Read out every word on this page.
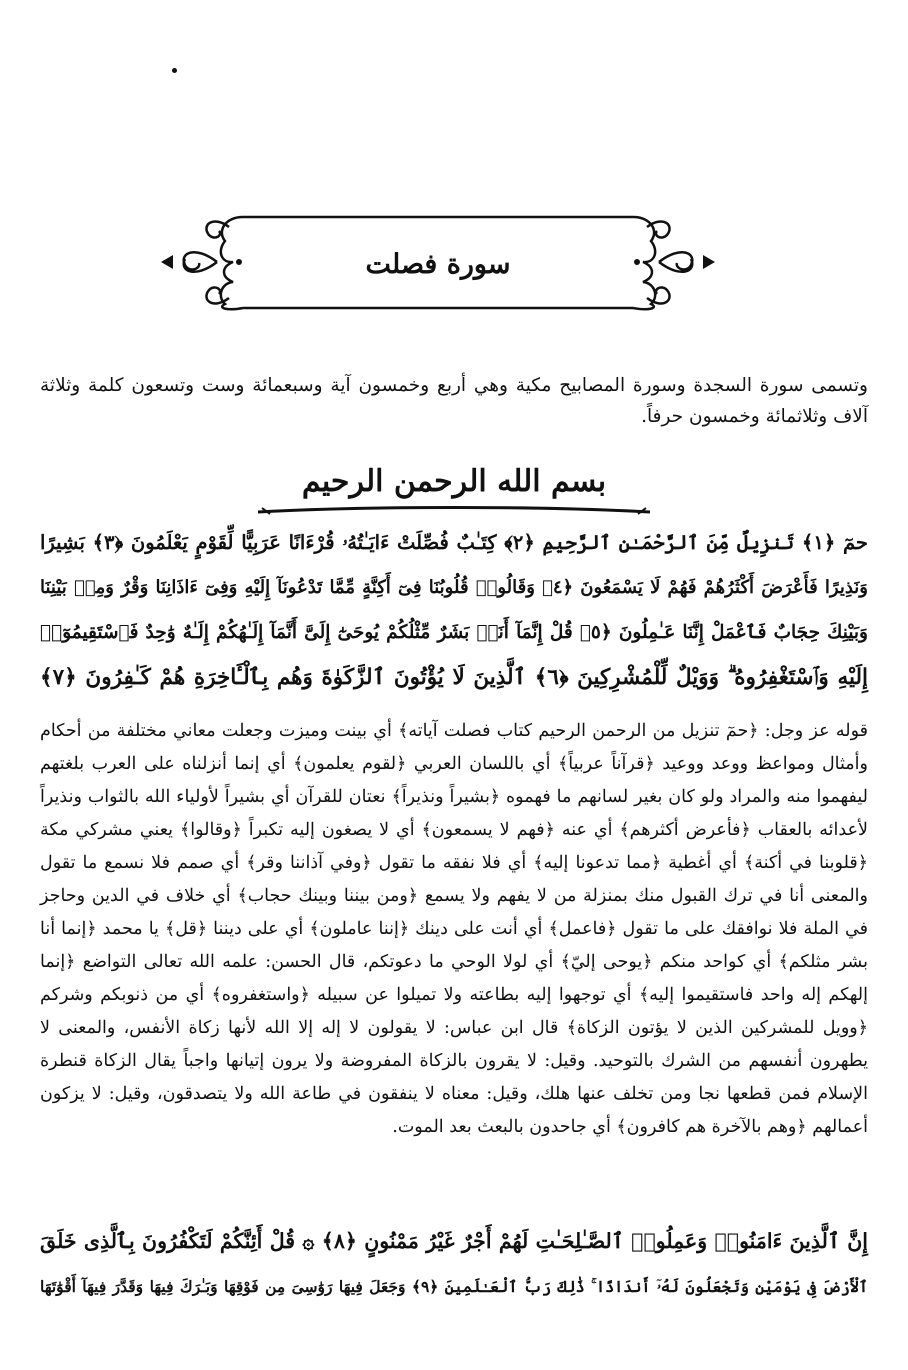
سورة فصلت

وتسمى سورة السجدة وسورة المصابيح مكية وهي أربع وخمسون آية وسبعمائة وست وتسعون كلمة وثلاثة آلاف وثلاثمائة وخمسون حرفاً.

بسم الله الرحمن الرحيم
حمٓ ﴿١﴾ تَنزِيلٌ مِّنَ ٱلرَّحْمَـٰنِ ٱلرَّحِيمِ ﴿٢﴾ كِتَـٰبٌ فُصِّلَتْ ءَايَـٰتُهُۥ قُرْءَانًا عَرَبِيًّا لِّقَوْمٍ يَعْلَمُونَ ﴿٣﴾ بَشِيرًا
وَنَذِيرًا فَأَعْرَضَ أَكْثَرُهُمْ فَهُمْ لَا يَسْمَعُونَ ﴿٤﴾ وَقَالُوا۟ قُلُوبُنَا فِىٓ أَكِنَّةٍ مِّمَّا تَدْعُونَآ إِلَيْهِ وَفِىٓ ءَاذَانِنَا وَقْرٌ وَمِنۢ بَيْنِنَا
وَبَيْنِكَ حِجَابٌ فَٱعْمَلْ إِنَّنَا عَـٰمِلُونَ ﴿٥﴾ قُلْ إِنَّمَآ أَنَا۠ بَشَرٌ مِّثْلُكُمْ يُوحَىٰٓ إِلَىَّ أَنَّمَآ إِلَـٰهُكُمْ إِلَـٰهٌ وَٰحِدٌ فَٱسْتَقِيمُوٓا۟
إِلَيْهِ وَٱسْتَغْفِرُوهُ ۗ وَوَيْلٌ لِّلْمُشْرِكِينَ ﴿٦﴾ ٱلَّذِينَ لَا يُؤْتُونَ ٱلزَّكَوٰةَ وَهُم بِٱلْـَٔاخِرَةِ هُمْ كَـٰفِرُونَ ﴿٧﴾

قوله عز وجل: ﴿حمٓ تنزيل من الرحمن الرحيم كتاب فصلت آياته﴾ أي بينت وميزت وجعلت معاني مختلفة من أحكام وأمثال ومواعظ ووعد ووعيد ﴿قرآناً عربياً﴾ أي باللسان العربي ﴿لقوم يعلمون﴾ أي إنما أنزلناه على العرب بلغتهم ليفهموا منه والمراد ولو كان بغير لسانهم ما فهموه ﴿بشيراً ونذيراً﴾ نعتان للقرآن أي بشيراً لأولياء الله بالثواب ونذيراً لأعدائه بالعقاب ﴿فأعرض أكثرهم﴾ أي عنه ﴿فهم لا يسمعون﴾ أي لا يصغون إليه تكبراً ﴿وقالوا﴾ يعني مشركي مكة ﴿قلوبنا في أكنة﴾ أي أغطية ﴿مما تدعونا إليه﴾ أي فلا نفقه ما تقول ﴿وفي آذاننا وقر﴾ أي صمم فلا نسمع ما تقول والمعنى أنا في ترك القبول منك بمنزلة من لا يفهم ولا يسمع ﴿ومن بيننا وبينك حجاب﴾ أي خلاف في الدين وحاجز في الملة فلا نوافقك على ما تقول ﴿فاعمل﴾ أي أنت على دينك ﴿إننا عاملون﴾ أي على ديننا ﴿قل﴾ يا محمد ﴿إنما أنا بشر مثلكم﴾ أي كواحد منكم ﴿يوحى إليّ﴾ أي لولا الوحي ما دعوتكم، قال الحسن: علمه الله تعالى التواضع ﴿إنما إلهكم إله واحد فاستقيموا إليه﴾ أي توجهوا إليه بطاعته ولا تميلوا عن سبيله ﴿واستغفروه﴾ أي من ذنوبكم وشركم ﴿وويل للمشركين الذين لا يؤتون الزكاة﴾ قال ابن عباس: لا يقولون لا إله إلا الله لأنها زكاة الأنفس، والمعنى لا يطهرون أنفسهم من الشرك بالتوحيد. وقيل: لا يقرون بالزكاة المفروضة ولا يرون إتيانها واجباً يقال الزكاة قنطرة الإسلام فمن قطعها نجا ومن تخلف عنها هلك، وقيل: معناه لا ينفقون في طاعة الله ولا يتصدقون، وقيل: لا يزكون أعمالهم ﴿وهم بالآخرة هم كافرون﴾ أي جاحدون بالبعث بعد الموت.

إِنَّ ٱلَّذِينَ ءَامَنُوا۟ وَعَمِلُوا۟ ٱلصَّـٰلِحَـٰتِ لَهُمْ أَجْرٌ غَيْرُ مَمْنُونٍ ﴿٨﴾ ۞ قُلْ أَئِنَّكُمْ لَتَكْفُرُونَ بِٱلَّذِى خَلَقَ
ٱلْأَرْضَ فِى يَوْمَيْنِ وَتَجْعَلُونَ لَهُۥٓ أَندَادًا ۚ ذَٰلِكَ رَبُّ ٱلْعَـٰلَمِينَ ﴿٩﴾ وَجَعَلَ فِيهَا رَوَٰسِىَ مِن فَوْقِهَا وَبَـٰرَكَ فِيهَا وَقَدَّرَ فِيهَآ أَقْوَٰتَهَا
